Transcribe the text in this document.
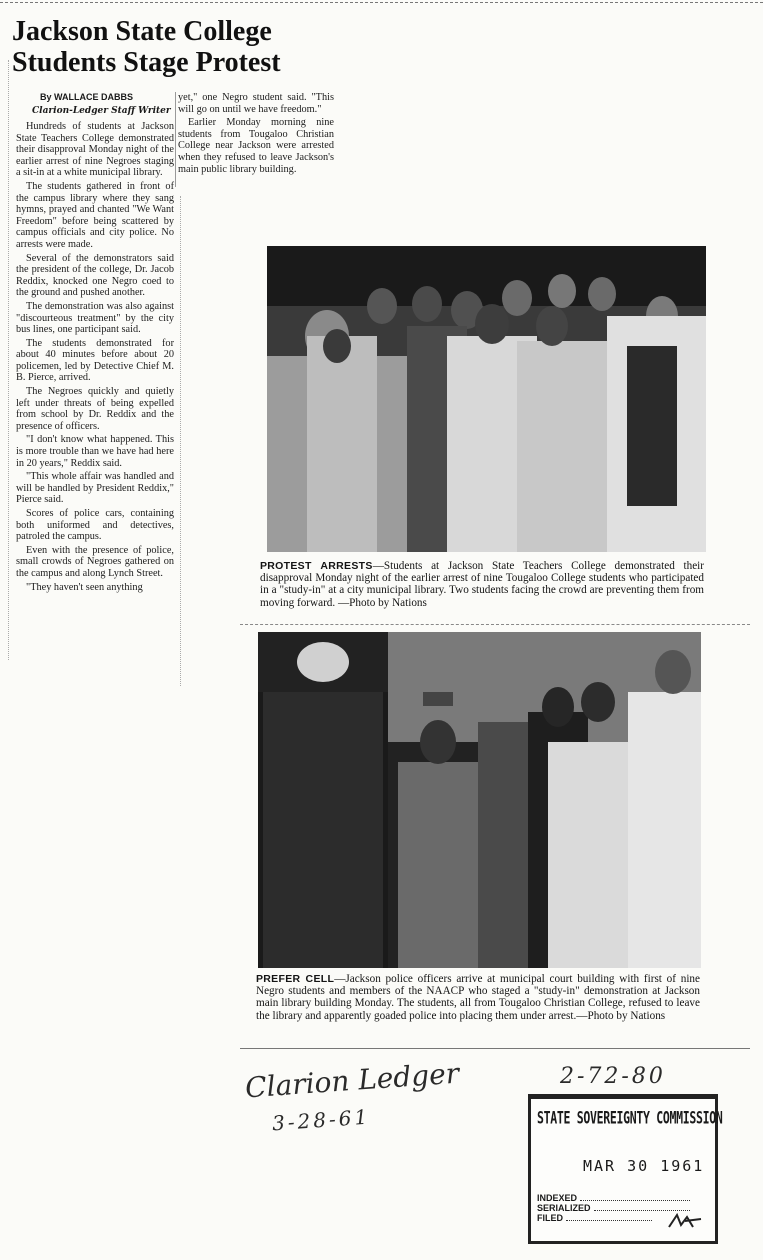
Jackson State College
Students Stage Protest
By WALLACE DABBS
Clarion-Ledger Staff Writer

Hundreds of students at Jackson State Teachers College demonstrated their disapproval Monday night of the earlier arrest of nine Negroes staging a sit-in at a white municipal library.

The students gathered in front of the campus library where they sang hymns, prayed and chanted "We Want Freedom" before being scattered by campus officials and city police. No arrests were made.

Several of the demonstrators said the president of the college, Dr. Jacob Reddix, knocked one Negro coed to the ground and pushed another.

The demonstration was also against "discourteous treatment" by the city bus lines, one participant said.

The students demonstrated for about 40 minutes before about 20 policemen, led by Detective Chief M. B. Pierce, arrived.

The Negroes quickly and quietly left under threats of being expelled from school by Dr. Reddix and the presence of officers.

"I don't know what happened. This is more trouble than we have had here in 20 years," Reddix said.

"This whole affair was handled and will be handled by President Reddix," Pierce said.

Scores of police cars, containing both uniformed and detectives, patroled the campus.

Even with the presence of police, small crowds of Negroes gathered on the campus and along Lynch Street.

"They haven't seen anything

yet," one Negro student said. "This will go on until we have freedom."

Earlier Monday morning nine students from Tougaloo Christian College near Jackson were arrested when they refused to leave Jackson's main public library building.

PROTEST ARRESTS—Students at Jackson State Teachers College demonstrated their disapproval Monday night of the earlier arrest of nine Tougaloo College students who participated in a "study-in" at a city municipal library. Two students facing the crowd are preventing them from moving forward. —Photo by Nations
PREFER CELL—Jackson police officers arrive at municipal court building with first of nine Negro students and members of the NAACP who staged a "study-in" demonstration at Jackson main library building Monday. The students, all from Tougaloo Christian College, refused to leave the library and apparently goaded police into placing them under arrest.—Photo by Nations
Clarion Ledger
3-28-61
2-72-80
STATE SOVEREIGNTY COMMISSION
MAR 30 1961
INDEXED
SERIALIZED
FILED
